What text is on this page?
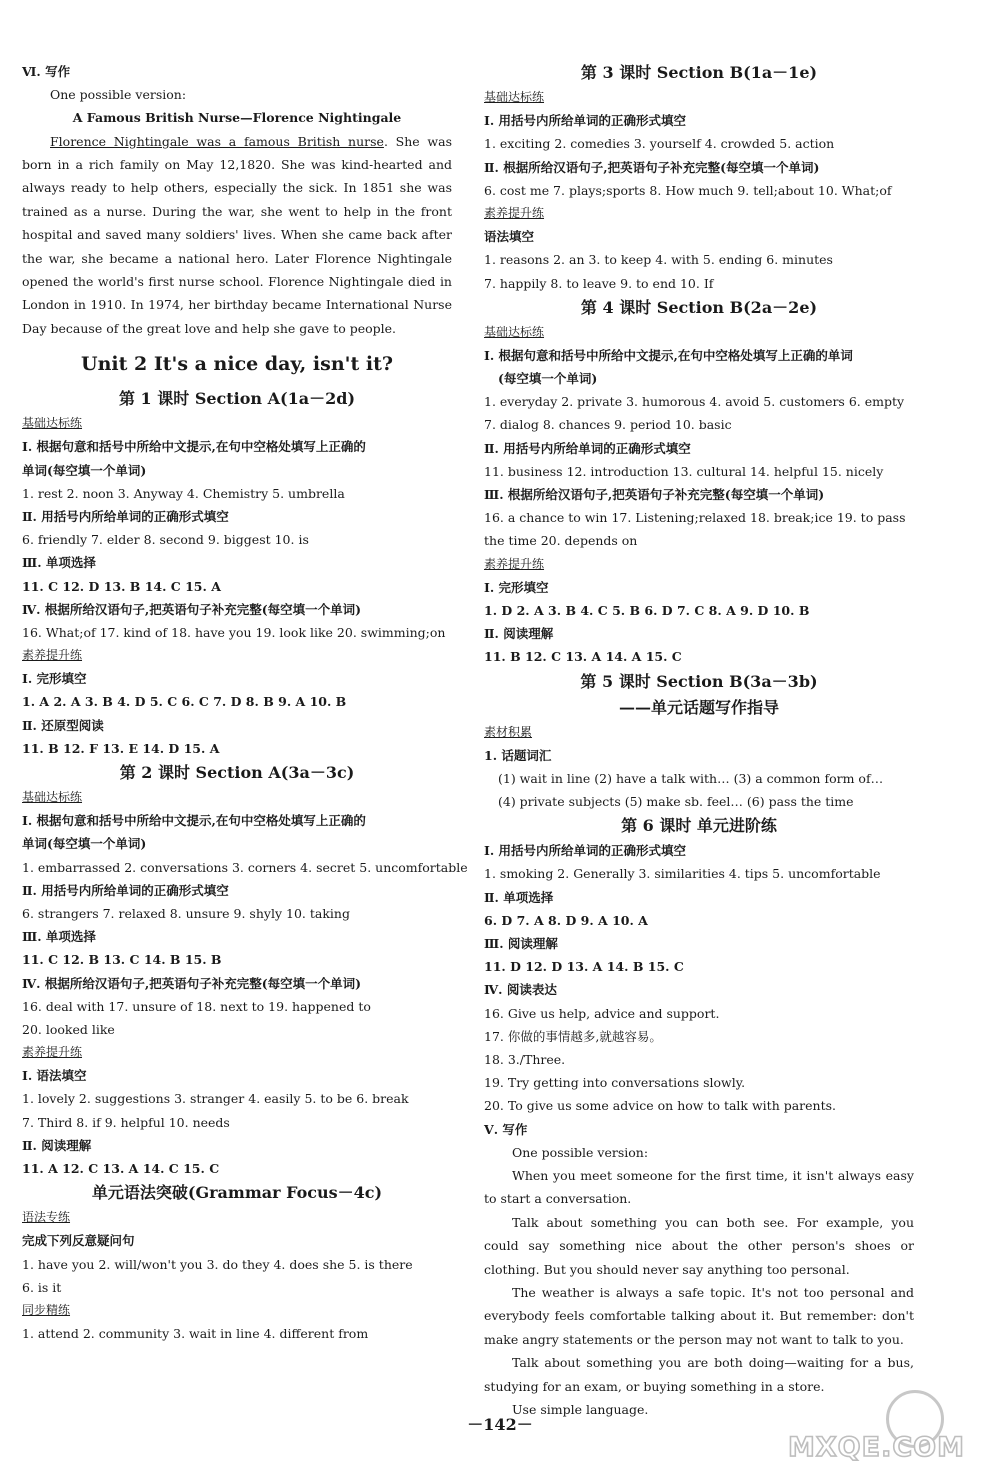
Ⅵ. 写作
One possible version:
A Famous British Nurse—Florence Nightingale
Florence Nightingale was a famous British nurse. She was born in a rich family on May 12,1820. She was kind-hearted and always ready to help others, especially the sick. In 1851 she was trained as a nurse. During the war, she went to help in the front hospital and saved many soldiers' lives. When she came back after the war, she became a national hero. Later Florence Nightingale opened the world's first nurse school. Florence Nightingale died in London in 1910. In 1974, her birthday became International Nurse Day because of the great love and help she gave to people.
Unit 2 It's a nice day, isn't it?
第 1 课时 Section A(1a－2d)
基础达标练
Ⅰ. 根据句意和括号中所给中文提示,在句中空格处填写上正确的
单词(每空填一个单词)
1. rest 2. noon 3. Anyway 4. Chemistry 5. umbrella
Ⅱ. 用括号内所给单词的正确形式填空
6. friendly 7. elder 8. second 9. biggest 10. is
Ⅲ. 单项选择
11. C 12. D 13. B 14. C 15. A
Ⅳ. 根据所给汉语句子,把英语句子补充完整(每空填一个单词)
16. What;of 17. kind of 18. have you 19. look like 20. swimming;on
素养提升练
Ⅰ. 完形填空
1. A 2. A 3. B 4. D 5. C 6. C 7. D 8. B 9. A 10. B
Ⅱ. 还原型阅读
11. B 12. F 13. E 14. D 15. A
第 2 课时 Section A(3a－3c)
基础达标练
Ⅰ. 根据句意和括号中所给中文提示,在句中空格处填写上正确的
单词(每空填一个单词)
1. embarrassed 2. conversations 3. corners 4. secret 5. uncomfortable
Ⅱ. 用括号内所给单词的正确形式填空
6. strangers 7. relaxed 8. unsure 9. shyly 10. taking
Ⅲ. 单项选择
11. C 12. B 13. C 14. B 15. B
Ⅳ. 根据所给汉语句子,把英语句子补充完整(每空填一个单词)
16. deal with 17. unsure of 18. next to 19. happened to
20. looked like
素养提升练
Ⅰ. 语法填空
1. lovely 2. suggestions 3. stranger 4. easily 5. to be 6. break
7. Third 8. if 9. helpful 10. needs
Ⅱ. 阅读理解
11. A 12. C 13. A 14. C 15. C
单元语法突破(Grammar Focus－4c)
语法专练
完成下列反意疑问句
1. have you 2. will/won't you 3. do they 4. does she 5. is there
6. is it
同步精练
1. attend 2. community 3. wait in line 4. different from
第 3 课时 Section B(1a－1e)
基础达标练
Ⅰ. 用括号内所给单词的正确形式填空
1. exciting 2. comedies 3. yourself 4. crowded 5. action
Ⅱ. 根据所给汉语句子,把英语句子补充完整(每空填一个单词)
6. cost me 7. plays;sports 8. How much 9. tell;about 10. What;of
素养提升练
语法填空
1. reasons 2. an 3. to keep 4. with 5. ending 6. minutes
7. happily 8. to leave 9. to end 10. If
第 4 课时 Section B(2a－2e)
基础达标练
Ⅰ. 根据句意和括号中所给中文提示,在句中空格处填写上正确的单词
(每空填一个单词)
1. everyday 2. private 3. humorous 4. avoid 5. customers 6. empty
7. dialog 8. chances 9. period 10. basic
Ⅱ. 用括号内所给单词的正确形式填空
11. business 12. introduction 13. cultural 14. helpful 15. nicely
Ⅲ. 根据所给汉语句子,把英语句子补充完整(每空填一个单词)
16. a chance to win 17. Listening;relaxed 18. break;ice 19. to pass
the time 20. depends on
素养提升练
Ⅰ. 完形填空
1. D 2. A 3. B 4. C 5. B 6. D 7. C 8. A 9. D 10. B
Ⅱ. 阅读理解
11. B 12. C 13. A 14. A 15. C
第 5 课时 Section B(3a－3b)
——单元话题写作指导
素材积累
1. 话题词汇
(1) wait in line (2) have a talk with… (3) a common form of…
(4) private subjects (5) make sb. feel… (6) pass the time
第 6 课时 单元进阶练
Ⅰ. 用括号内所给单词的正确形式填空
1. smoking 2. Generally 3. similarities 4. tips 5. uncomfortable
Ⅱ. 单项选择
6. D 7. A 8. D 9. A 10. A
Ⅲ. 阅读理解
11. D 12. D 13. A 14. B 15. C
Ⅳ. 阅读表达
16. Give us help, advice and support.
17. 你做的事情越多,就越容易。
18. 3./Three.
19. Try getting into conversations slowly.
20. To give us some advice on how to talk with parents.
Ⅴ. 写作
One possible version:
When you meet someone for the first time, it isn't always easy to start a conversation.
Talk about something you can both see. For example, you could say something nice about the other person's shoes or clothing. But you should never say anything too personal.
The weather is always a safe topic. It's not too personal and everybody feels comfortable talking about it. But remember: don't make angry statements or the person may not want to talk to you.
Talk about something you are both doing—waiting for a bus, studying for an exam, or buying something in a store.
Use simple language.
－142－
MXQE.COM
